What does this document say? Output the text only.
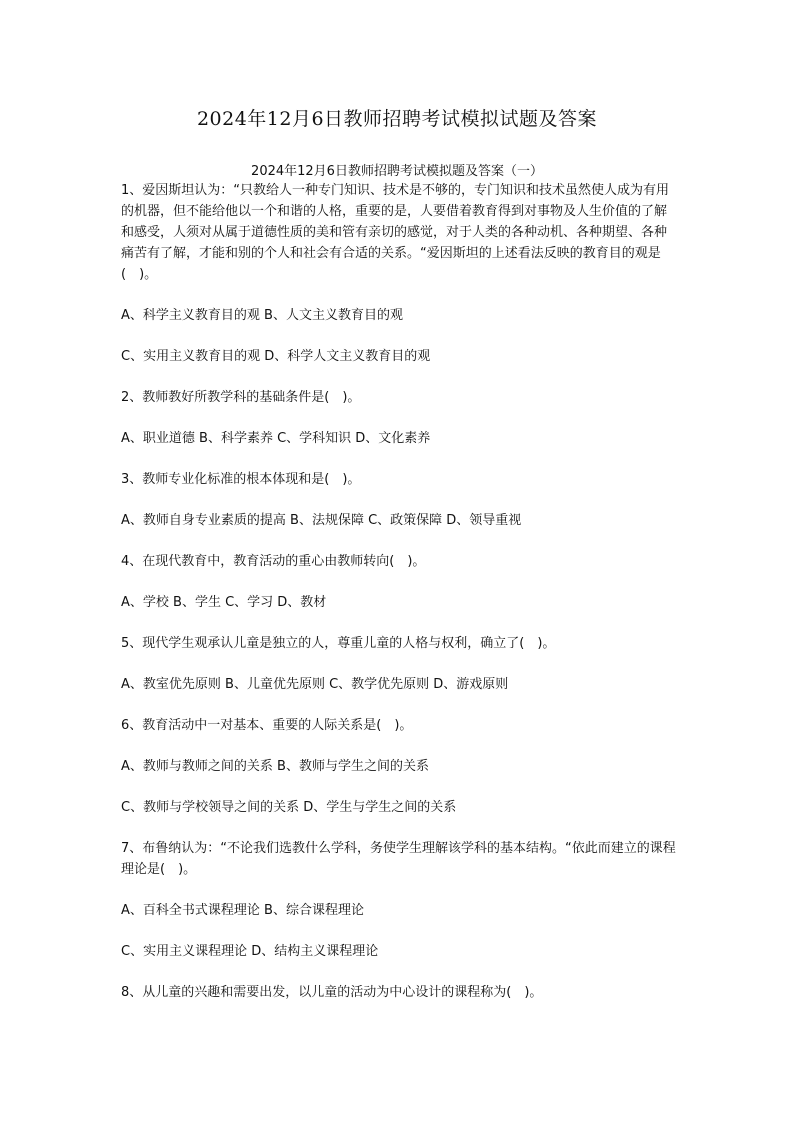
2024年12月6日教师招聘考试模拟试题及答案
2024年12月6日教师招聘考试模拟题及答案（一）

1、爱因斯坦认为：“只教给人一种专门知识、技术是不够的，专门知识和技术虽然使人成为有用的机器，但不能给他以一个和谐的人格，重要的是，人要借着教育得到对事物及人生价值的了解和感受，人须对从属于道德性质的美和管有亲切的感觉，对于人类的各种动机、各种期望、各种痛苦有了解，才能和别的个人和社会有合适的关系。“爱因斯坦的上述看法反映的教育目的观是(　)。

A、科学主义教育目的观 B、人文主义教育目的观

C、实用主义教育目的观 D、科学人文主义教育目的观

2、教师教好所教学科的基础条件是(　)。

A、职业道德 B、科学素养 C、学科知识 D、文化素养

3、教师专业化标准的根本体现和是(　)。

A、教师自身专业素质的提高 B、法规保障 C、政策保障 D、领导重视

4、在现代教育中，教育活动的重心由教师转向(　)。

A、学校 B、学生 C、学习 D、教材

5、现代学生观承认儿童是独立的人，尊重儿童的人格与权利，确立了(　)。

A、教室优先原则 B、儿童优先原则 C、教学优先原则 D、游戏原则

6、教育活动中一对基本、重要的人际关系是(　)。

A、教师与教师之间的关系 B、教师与学生之间的关系

C、教师与学校领导之间的关系 D、学生与学生之间的关系

7、布鲁纳认为：“不论我们选教什么学科，务使学生理解该学科的基本结构。“依此而建立的课程理论是(　)。

A、百科全书式课程理论 B、综合课程理论

C、实用主义课程理论 D、结构主义课程理论

8、从儿童的兴趣和需要出发，以儿童的活动为中心设计的课程称为(　)。
